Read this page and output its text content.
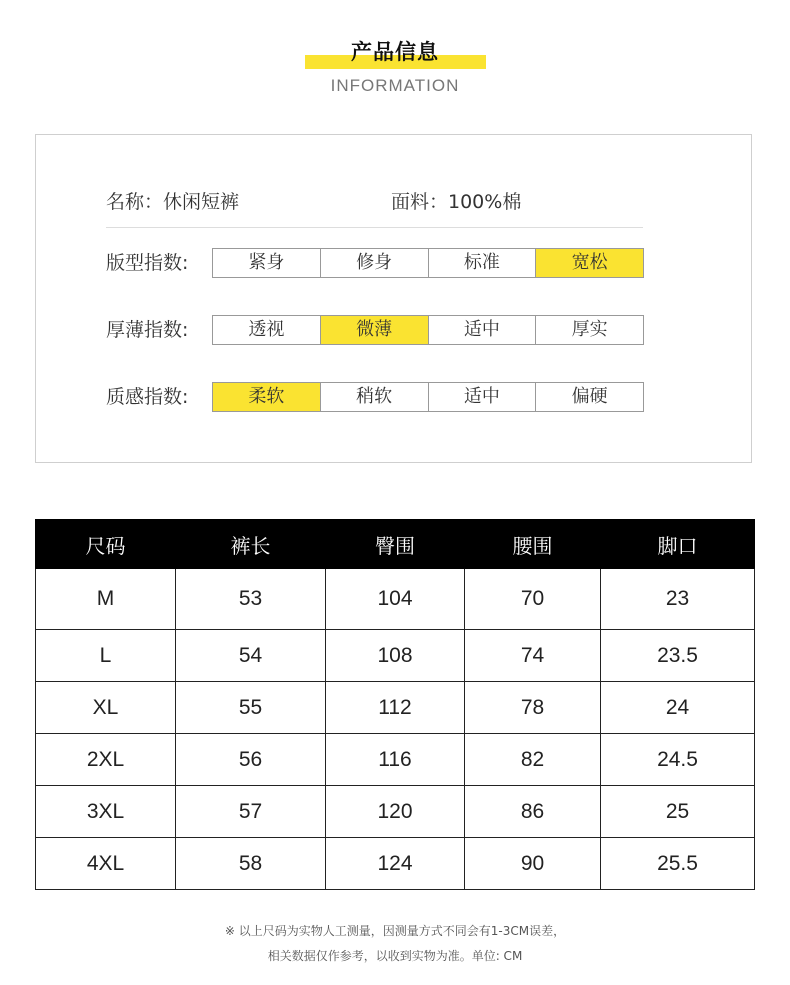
产品信息
INFORMATION
名称：休闲短裤	面料：100%棉
版型指数:	紧身	修身	标准	宽松
厚薄指数:	透视	微薄	适中	厚实
质感指数:	柔软	稍软	适中	偏硬
尺码	裤长	臀围	腰围	脚口
M	53	104	70	23
L	54	108	74	23.5
XL	55	112	78	24
2XL	56	116	82	24.5
3XL	57	120	86	25
4XL	58	124	90	25.5
※ 以上尺码为实物人工测量，因测量方式不同会有1-3CM误差，
相关数据仅作参考，以收到实物为准。单位: CM
